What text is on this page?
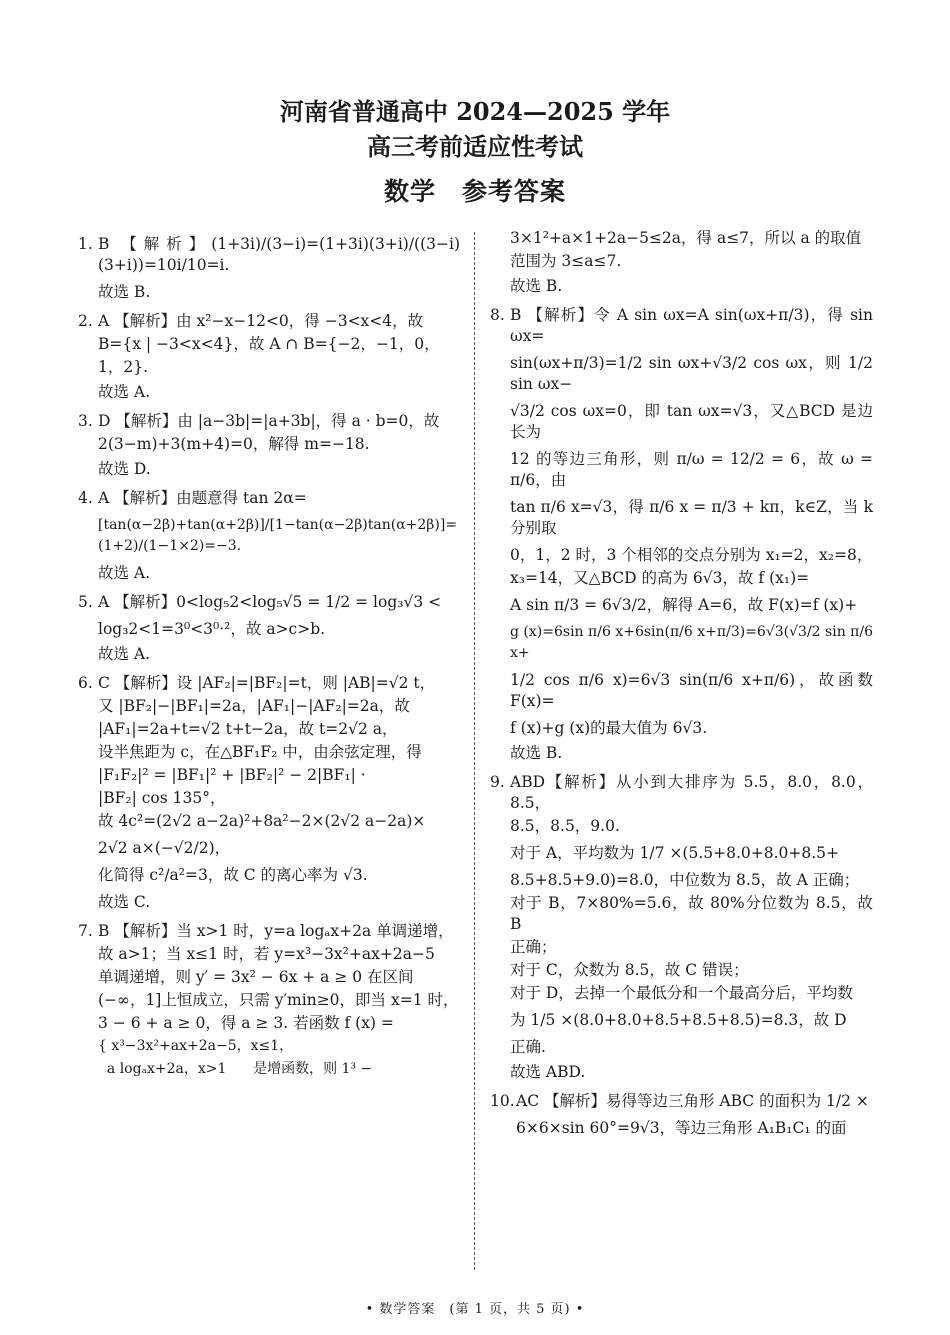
河南省普通高中 2024—2025 学年
高三考前适应性考试
数学　参考答案
1. B 【解析】(1+3i)/(3−i)=(1+3i)(3+i)/((3−i)(3+i))=10i/10=i.
故选 B.
2. A 【解析】由 x²−x−12<0，得 −3<x<4，故
B={x | −3<x<4}，故 A ∩ B={−2，−1，0，
1，2}.
故选 A.
3. D 【解析】由 |a−3b|=|a+3b|，得 a · b=0，故
2(3−m)+3(m+4)=0，解得 m=−18.
故选 D.
4. A 【解析】由题意得 tan 2α=
[tan(α−2β)+tan(α+2β)]/[1−tan(α−2β)tan(α+2β)]=(1+2)/(1−1×2)=−3.
故选 A.
5. A 【解析】0<log₅2<log₅√5 = 1/2 = log₃√3 <
log₃2<1=3⁰<3⁰·²，故 a>c>b.
故选 A.
6. C 【解析】设 |AF₂|=|BF₂|=t，则 |AB|=√2 t，
又 |BF₂|−|BF₁|=2a，|AF₁|−|AF₂|=2a，故
|AF₁|=2a+t=√2 t+t−2a，故 t=2√2 a，
设半焦距为 c，在△BF₁F₂ 中，由余弦定理，得
|F₁F₂|² = |BF₁|² + |BF₂|² − 2|BF₁| ·
|BF₂| cos 135°，
故 4c²=(2√2 a−2a)²+8a²−2×(2√2 a−2a)×
2√2 a×(−√2/2)，
化简得 c²/a²=3，故 C 的离心率为 √3.
故选 C.
7. B 【解析】当 x>1 时，y=a logₐx+2a 单调递增，
故 a>1；当 x≤1 时，若 y=x³−3x²+ax+2a−5
单调递增，则 y′ = 3x² − 6x + a ≥ 0 在区间
(−∞，1]上恒成立，只需 y′min≥0，即当 x=1 时，
3 − 6 + a ≥ 0，得 a ≥ 3. 若函数 f (x) =
{ x³−3x²+ax+2a−5，x≤1，
a logₐx+2a，x>1      是增函数，则 1³ −
3×1²+a×1+2a−5≤2a，得 a≤7，所以 a 的取值
范围为 3≤a≤7.
故选 B.
8. B 【解析】令 A sin ωx=A sin(ωx+π/3)，得 sin ωx=
sin(ωx+π/3)=1/2 sin ωx+√3/2 cos ωx，则 1/2 sin ωx−
√3/2 cos ωx=0，即 tan ωx=√3，又△BCD 是边长为
12 的等边三角形，则 π/ω = 12/2 = 6，故 ω = π/6，由
tan π/6 x=√3，得 π/6 x = π/3 + kπ，k∈Z，当 k 分别取
0，1，2 时，3 个相邻的交点分别为 x₁=2，x₂=8，
x₃=14，又△BCD 的高为 6√3，故 f (x₁)=
A sin π/3 = 6√3/2，解得 A=6，故 F(x)=f (x)+
g (x)=6sin π/6 x+6sin(π/6 x+π/3)=6√3(√3/2 sin π/6 x+
1/2 cos π/6 x)=6√3 sin(π/6 x+π/6)，故函数 F(x)=
f (x)+g (x)的最大值为 6√3.
故选 B.
9. ABD【解析】从小到大排序为 5.5，8.0，8.0，8.5，
8.5，8.5，9.0.
对于 A，平均数为 1/7 ×(5.5+8.0+8.0+8.5+
8.5+8.5+9.0)=8.0，中位数为 8.5，故 A 正确；
对于 B，7×80%=5.6，故 80%分位数为 8.5，故 B
正确；
对于 C，众数为 8.5，故 C 错误；
对于 D，去掉一个最低分和一个最高分后，平均数
为 1/5 ×(8.0+8.0+8.5+8.5+8.5)=8.3，故 D
正确.
故选 ABD.
10. AC 【解析】易得等边三角形 ABC 的面积为 1/2 ×
6×6×sin 60°=9√3，等边三角形 A₁B₁C₁ 的面
• 数学答案　(第 1 页，共 5 页) •
